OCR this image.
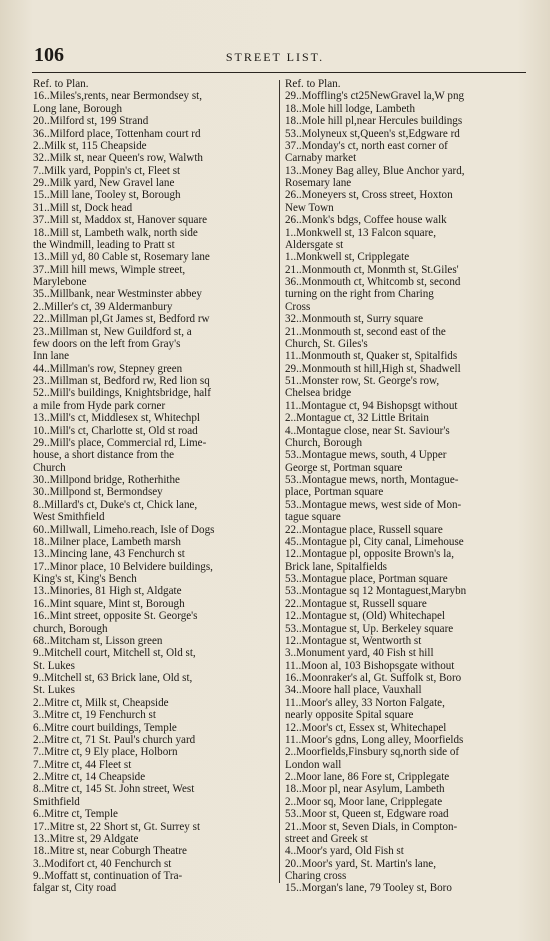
106	STREET LIST.
Ref. to Plan.
16..Miles's,rents, near Bermondsey st,
Long lane, Borough
20..Milford st, 199 Strand
36..Milford place, Tottenham court rd
2..Milk st, 115 Cheapside
32..Milk st, near Queen's row, Walwth
7..Milk yard, Poppin's ct, Fleet st
29..Milk yard, New Gravel lane
15..Mill lane, Tooley st, Borough
31..Mill st, Dock head
37..Mill st, Maddox st, Hanover square
18..Mill st, Lambeth walk, north side
the Windmill, leading to Pratt st
13..Mill yd, 80 Cable st, Rosemary lane
37..Mill hill mews, Wimple street,
Marylebone
35..Millbank, near Westminster abbey
2..Miller's ct, 39 Aldermanbury
22..Millman pl,Gt James st, Bedford rw
23..Millman st, New Guildford st, a
few doors on the left from Gray's
Inn lane
44..Millman's row, Stepney green
23..Millman st, Bedford rw, Red lion sq
52..Mill's buildings, Knightsbridge, half
a mile from Hyde park corner
13..Mill's ct, Middlesex st, Whitechpl
10..Mill's ct, Charlotte st, Old st road
29..Mill's place, Commercial rd, Lime-
house, a short distance from the
Church
30..Millpond bridge, Rotherhithe
30..Millpond st, Bermondsey
8..Millard's ct, Duke's ct, Chick lane,
West Smithfield
60..Millwall, Limeho.reach, Isle of Dogs
18..Milner place, Lambeth marsh
13..Mincing lane, 43 Fenchurch st
17..Minor place, 10 Belvidere buildings,
King's st, King's Bench
13..Minories, 81 High st, Aldgate
16..Mint square, Mint st, Borough
16..Mint street, opposite St. George's
church, Borough
68..Mitcham st, Lisson green
9..Mitchell court, Mitchell st, Old st,
St. Lukes
9..Mitchell st, 63 Brick lane, Old st,
St. Lukes
2..Mitre ct, Milk st, Cheapside
3..Mitre ct, 19 Fenchurch st
6..Mitre court buildings, Temple
2..Mitre ct, 71 St. Paul's church yard
7..Mitre ct, 9 Ely place, Holborn
7..Mitre ct, 44 Fleet st
2..Mitre ct, 14 Cheapside
8..Mitre ct, 145 St. John street, West
Smithfield
6..Mitre ct, Temple
17..Mitre st, 22 Short st, Gt. Surrey st
13..Mitre st, 29 Aldgate
18..Mitre st, near Coburgh Theatre
3..Modifort ct, 40 Fenchurch st
9..Moffatt st, continuation of Tra-
falgar st, City road
Ref. to Plan.
29..Moffling's ct25NewGravel la,W png
18..Mole hill lodge, Lambeth
18..Mole hill pl,near Hercules buildings
53..Molyneux st,Queen's st,Edgware rd
37..Monday's ct, north east corner of
Carnaby market
13..Money Bag alley, Blue Anchor yard,
Rosemary lane
26..Moneyers st, Cross street, Hoxton
New Town
26..Monk's bdgs, Coffee house walk
1..Monkwell st, 13 Falcon square,
Aldersgate st
1..Monkwell st, Cripplegate
21..Monmouth ct, Monmth st, St.Giles'
36..Monmouth ct, Whitcomb st, second
turning on the right from Charing
Cross
32..Monmouth st, Surry square
21..Monmouth st, second east of the
Church, St. Giles's
11..Monmouth st, Quaker st, Spitalfids
29..Monmouth st hill,High st, Shadwell
51..Monster row, St. George's row,
Chelsea bridge
11..Montague ct, 94 Bishopsgt without
2..Montague ct, 32 Little Britain
4..Montague close, near St. Saviour's
Church, Borough
53..Montague mews, south, 4 Upper
George st, Portman square
53..Montague mews, north, Montague-
place, Portman square
53..Montague mews, west side of Mon-
tague square
22..Montague place, Russell square
45..Montague pl, City canal, Limehouse
12..Montague pl, opposite Brown's la,
Brick lane, Spitalfields
53..Montague place, Portman square
53..Montague sq 12 Montaguest,Marybn
22..Montague st, Russell square
12..Montague st, (Old) Whitechapel
53..Montague st, Up. Berkeley square
12..Montague st, Wentworth st
3..Monument yard, 40 Fish st hill
11..Moon al, 103 Bishopsgate without
16..Moonraker's al, Gt. Suffolk st, Boro
34..Moore hall place, Vauxhall
11..Moor's alley, 33 Norton Falgate,
nearly opposite Spital square
12..Moor's ct, Essex st, Whitechapel
11..Moor's gdns, Long alley, Moorfields
2..Moorfields,Finsbury sq,north side of
London wall
2..Moor lane, 86 Fore st, Cripplegate
18..Moor pl, near Asylum, Lambeth
2..Moor sq, Moor lane, Cripplegate
53..Moor st, Queen st, Edgware road
21..Moor st, Seven Dials, in Compton-
street and Greek st
4..Moor's yard, Old Fish st
20..Moor's yard, St. Martin's lane,
Charing cross
15..Morgan's lane, 79 Tooley st, Boro
